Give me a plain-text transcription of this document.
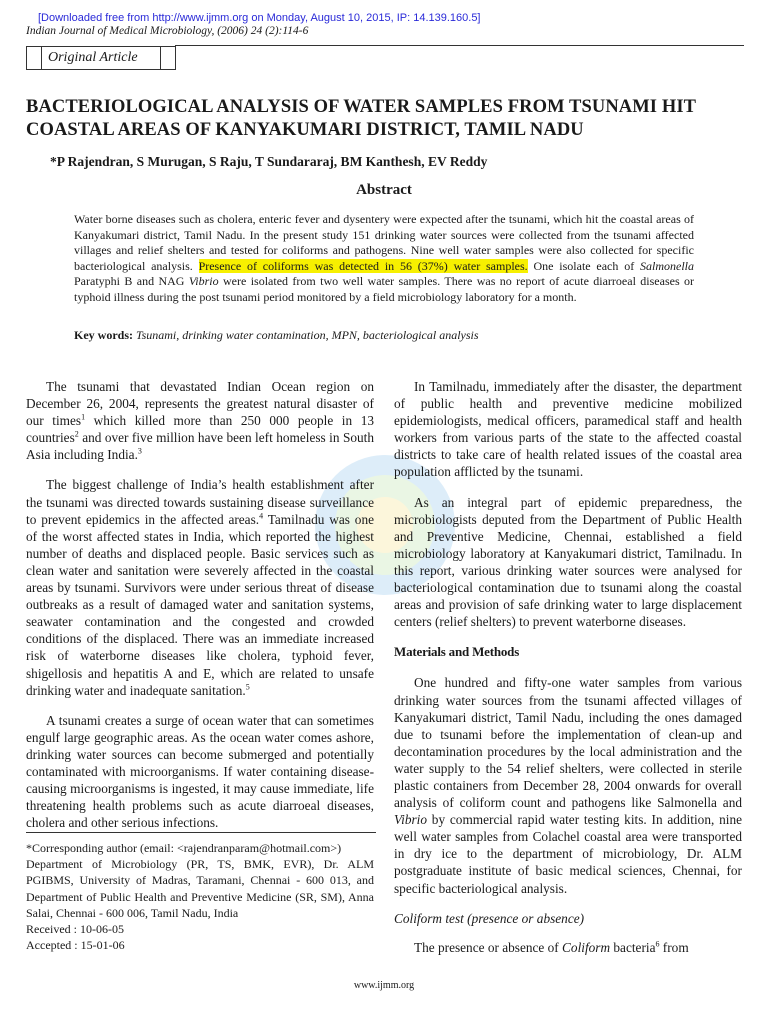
[Downloaded free from http://www.ijmm.org on Monday, August 10, 2015, IP: 14.139.160.5]
Indian Journal of Medical Microbiology, (2006) 24 (2):114-6
Original Article
BACTERIOLOGICAL ANALYSIS OF WATER SAMPLES FROM TSUNAMI HIT COASTAL AREAS OF KANYAKUMARI DISTRICT, TAMIL NADU
*P Rajendran, S Murugan, S Raju, T Sundararaj, BM Kanthesh, EV Reddy
Abstract
Water borne diseases such as cholera, enteric fever and dysentery were expected after the tsunami, which hit the coastal areas of Kanyakumari district, Tamil Nadu. In the present study 151 drinking water sources were collected from the tsunami affected villages and relief shelters and tested for coliforms and pathogens. Nine well water samples were also collected for specific bacteriological analysis. Presence of coliforms was detected in 56 (37%) water samples. One isolate each of Salmonella Paratyphi B and NAG Vibrio were isolated from two well water samples. There was no report of acute diarroeal diseases or typhoid illness during the post tsunami period monitored by a field microbiology laboratory for a month.
Key words: Tsunami, drinking water contamination, MPN, bacteriological analysis

The tsunami that devastated Indian Ocean region on December 26, 2004, represents the greatest natural disaster of our times$^1$ which killed more than 250 000 people in 13 countries$^2$ and over five million have been left homeless in South Asia including India.$^3$

The biggest challenge of India’s health establishment after the tsunami was directed towards sustaining disease surveillance to prevent epidemics in the affected areas.$^4$ Tamilnadu was one of the worst affected states in India, which reported the highest number of deaths and displaced people. Basic services such as clean water and sanitation were severely affected in the coastal areas by tsunami. Survivors were under serious threat of disease outbreaks as a result of damaged water and sanitation systems, seawater contamination and the congested and crowded conditions of the displaced. There was an immediate increased risk of waterborne diseases like cholera, typhoid fever, shigellosis and hepatitis A and E, which are related to unsafe drinking water and inadequate sanitation.$^5$

A tsunami creates a surge of ocean water that can sometimes engulf large geographic areas. As the ocean water comes ashore, drinking water sources can become submerged and potentially contaminated with microorganisms. If water containing disease-causing microorganisms is ingested, it may cause immediate, life threatening health problems such as acute diarroeal diseases, cholera and other serious infections.

*Corresponding author (email: <rajendranparam@hotmail.com>)
Department of Microbiology (PR, TS, BMK, EVR), Dr. ALM PGIBMS, University of Madras, Taramani, Chennai - 600 013, and Department of Public Health and Preventive Medicine (SR, SM), Anna Salai, Chennai - 600 006, Tamil Nadu, India
Received : 10-06-05
Accepted : 15-01-06

In Tamilnadu, immediately after the disaster, the department of public health and preventive medicine mobilized epidemiologists, medical officers, paramedical staff and health workers from various parts of the state to the affected coastal districts to take care of health related issues of the coastal area population afflicted by the tsunami.

As an integral part of epidemic preparedness, the microbiologists deputed from the Department of Public Health and Preventive Medicine, Chennai, established a field microbiology laboratory at Kanyakumari district, Tamilnadu. In this report, various drinking water sources were analysed for bacteriological contamination due to tsunami along the coastal areas and provision of safe drinking water to large displacement centers (relief shelters) to prevent waterborne diseases.

Materials and Methods

One hundred and fifty-one water samples from various drinking water sources from the tsunami affected villages of Kanyakumari district, Tamil Nadu, including the ones damaged due to tsunami before the implementation of clean-up and decontamination procedures by the local administration and the water supply to the 54 relief shelters, were collected in sterile plastic containers from December 28, 2004 onwards for overall analysis of coliform count and pathogens like Salmonella and Vibrio by commercial rapid water testing kits. In addition, nine well water samples from Colachel coastal area were transported in dry ice to the department of microbiology, Dr. ALM postgraduate institute of basic medical sciences, Chennai, for specific bacteriological analysis.

Coliform test (presence or absence)

The presence or absence of Coliform bacteria$^6$ from

www.ijmm.org
